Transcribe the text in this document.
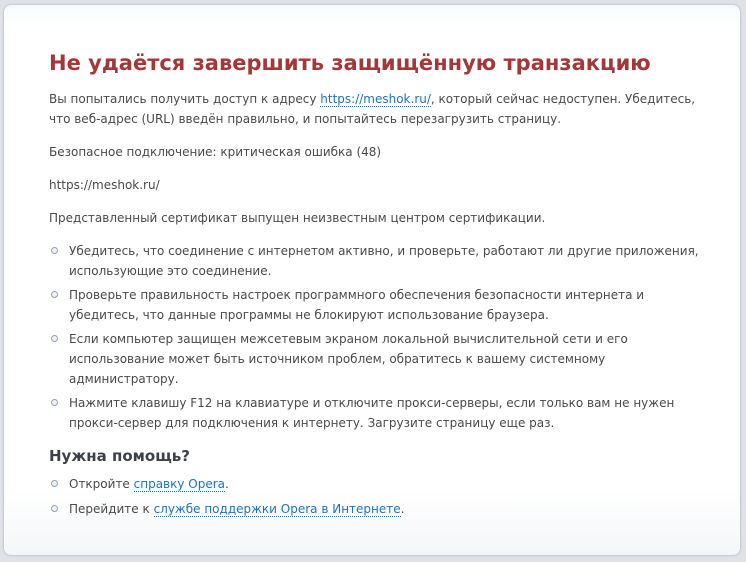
Не удаётся завершить защищённую транзакцию

Вы попытались получить доступ к адресу https://meshok.ru/, который сейчас недоступен. Убедитесь, что веб-адрес (URL) введён правильно, и попытайтесь перезагрузить страницу.

Безопасное подключение: критическая ошибка (48)

https://meshok.ru/

Представленный сертификат выпущен неизвестным центром сертификации.

Убедитесь, что соединение с интернетом активно, и проверьте, работают ли другие приложения, использующие это соединение.
Проверьте правильность настроек программного обеспечения безопасности интернета и убедитесь, что данные программы не блокируют использование браузера.
Если компьютер защищен межсетевым экраном локальной вычислительной сети и его использование может быть источником проблем, обратитесь к вашему системному администратору.
Нажмите клавишу F12 на клавиатуре и отключите прокси-серверы, если только вам не нужен прокси-сервер для подключения к интернету. Загрузите страницу еще раз.
Нужна помощь?
Откройте справку Opera.
Перейдите к службе поддержки Opera в Интернете.
